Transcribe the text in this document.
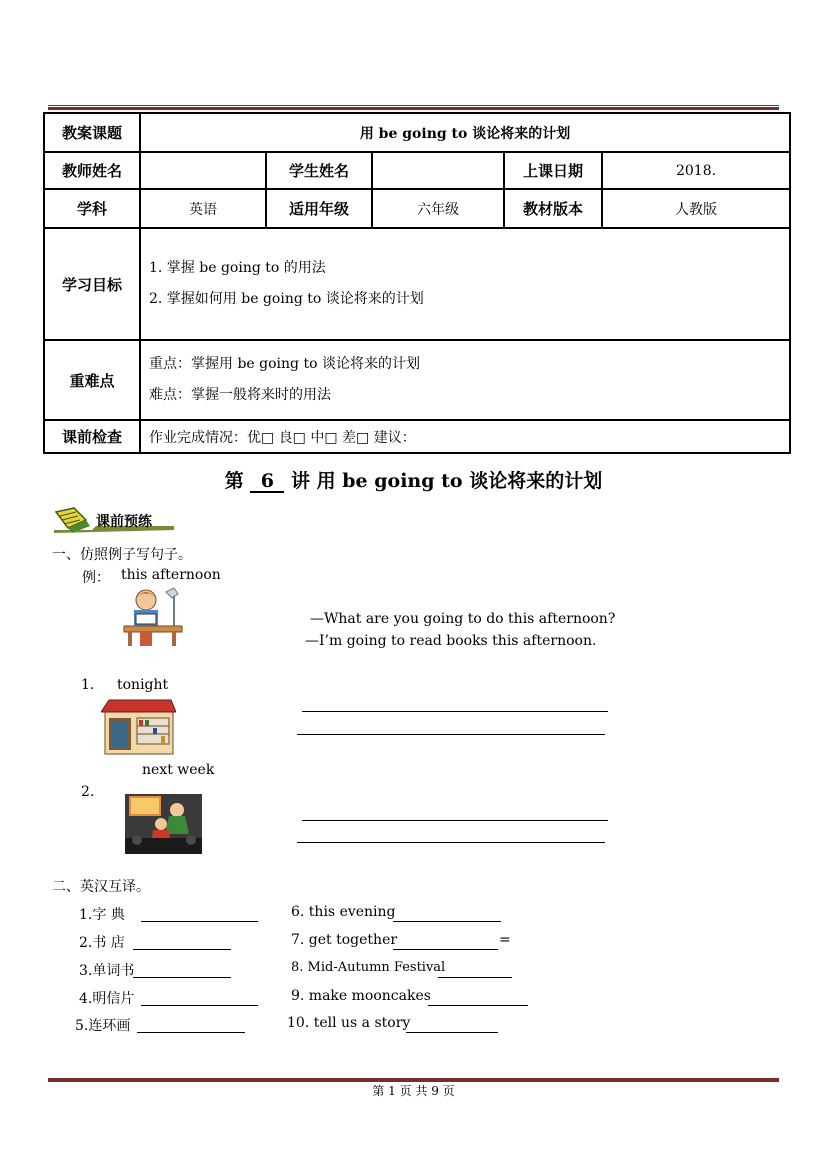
教案课题	用 be going to 谈论将来的计划				
教师姓名		学生姓名		上课日期	2018.
学科	英语	适用年级	六年级	教材版本	人教版
学习目标	1. 掌握 be going to 的用法
2. 掌握如何用 be going to 谈论将来的计划				

重难点	重点：掌握用 be going to 谈论将来的计划
难点：掌握一般将来时的用法				

课前检查	作业完成情况：优□ 良□ 中□ 差□ 建议：				
第 6 讲 用 be going to 谈论将来的计划
课前预练
一、仿照例子写句子。
例： this afternoon
—What are you going to do this afternoon?
—I’m going to read books this afternoon.
1. tonight
next week
2.
二、英汉互译。
1.字 典
2.书 店
3.单词书
4.明信片
5.连环画
6. this evening
7. get together	=
8. Mid-Autumn Festival
9. make mooncakes
10. tell us a story
第 1 页 共 9 页
